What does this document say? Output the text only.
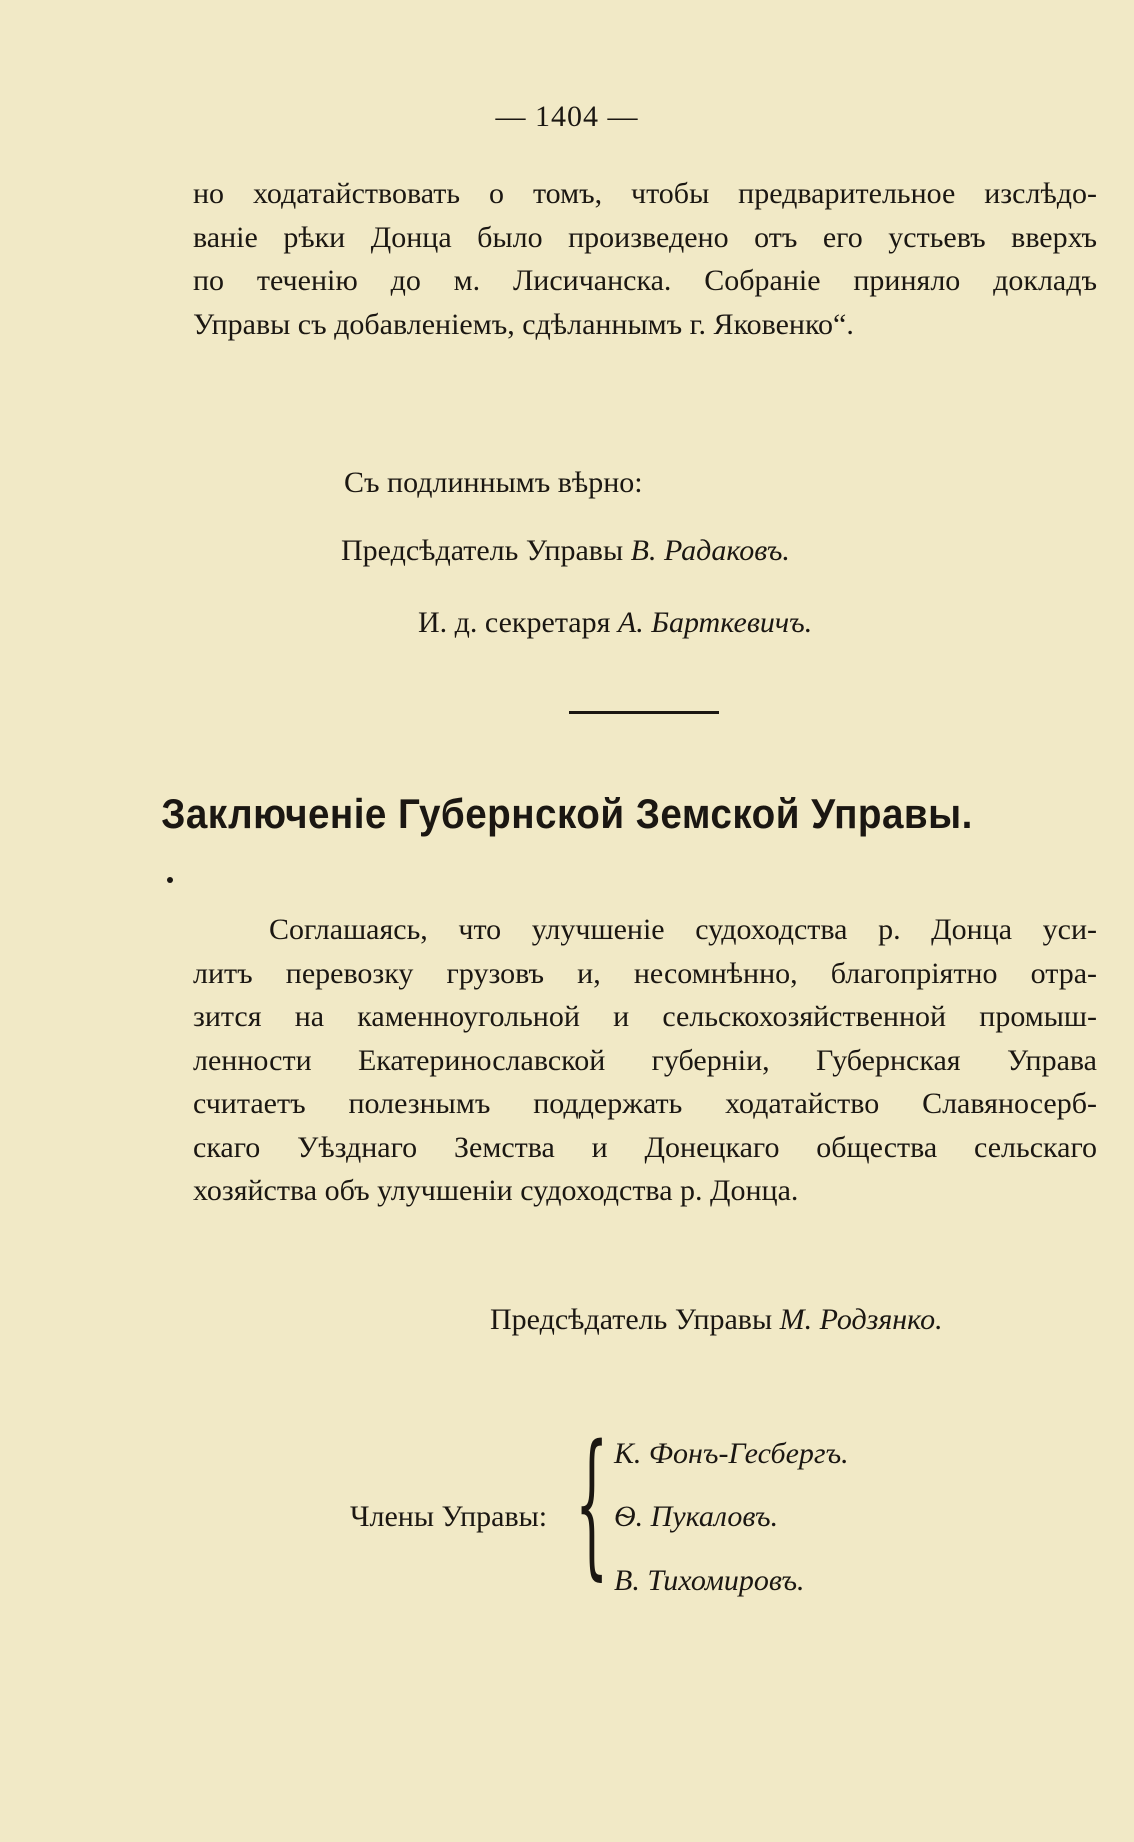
— 1404 —

но ходатайствовать о томъ, чтобы предварительное изслѣдо-
ваніе рѣки Донца было произведено отъ его устьевъ вверхъ
по теченію до м. Лисичанска. Собраніе приняло докладъ
Управы съ добавленіемъ, сдѣланнымъ г. Яковенко“.

Съ подлиннымъ вѣрно:
Предсѣдатель Управы В. Радаковъ.
И. д. секретаря А. Барткевичъ.
Заключеніе Губернской Земской Управы.

Соглашаясь, что улучшеніе судоходства р. Донца уси-
литъ перевозку грузовъ и, несомнѣнно, благопріятно отра-
зится на каменноугольной и сельскохозяйственной промыш-
ленности Екатеринославской губерніи, Губернская Управа
считаетъ полезнымъ поддержать ходатайство Славяносерб-
скаго Уѣзднаго Земства и Донецкаго общества сельскаго
хозяйства объ улучшеніи судоходства р. Донца.

Предсѣдатель Управы М. Родзянко.
Члены Управы: { К. Фонъ-Гесбергъ.
Ѳ. Пукаловъ.
В. Тихомировъ.
